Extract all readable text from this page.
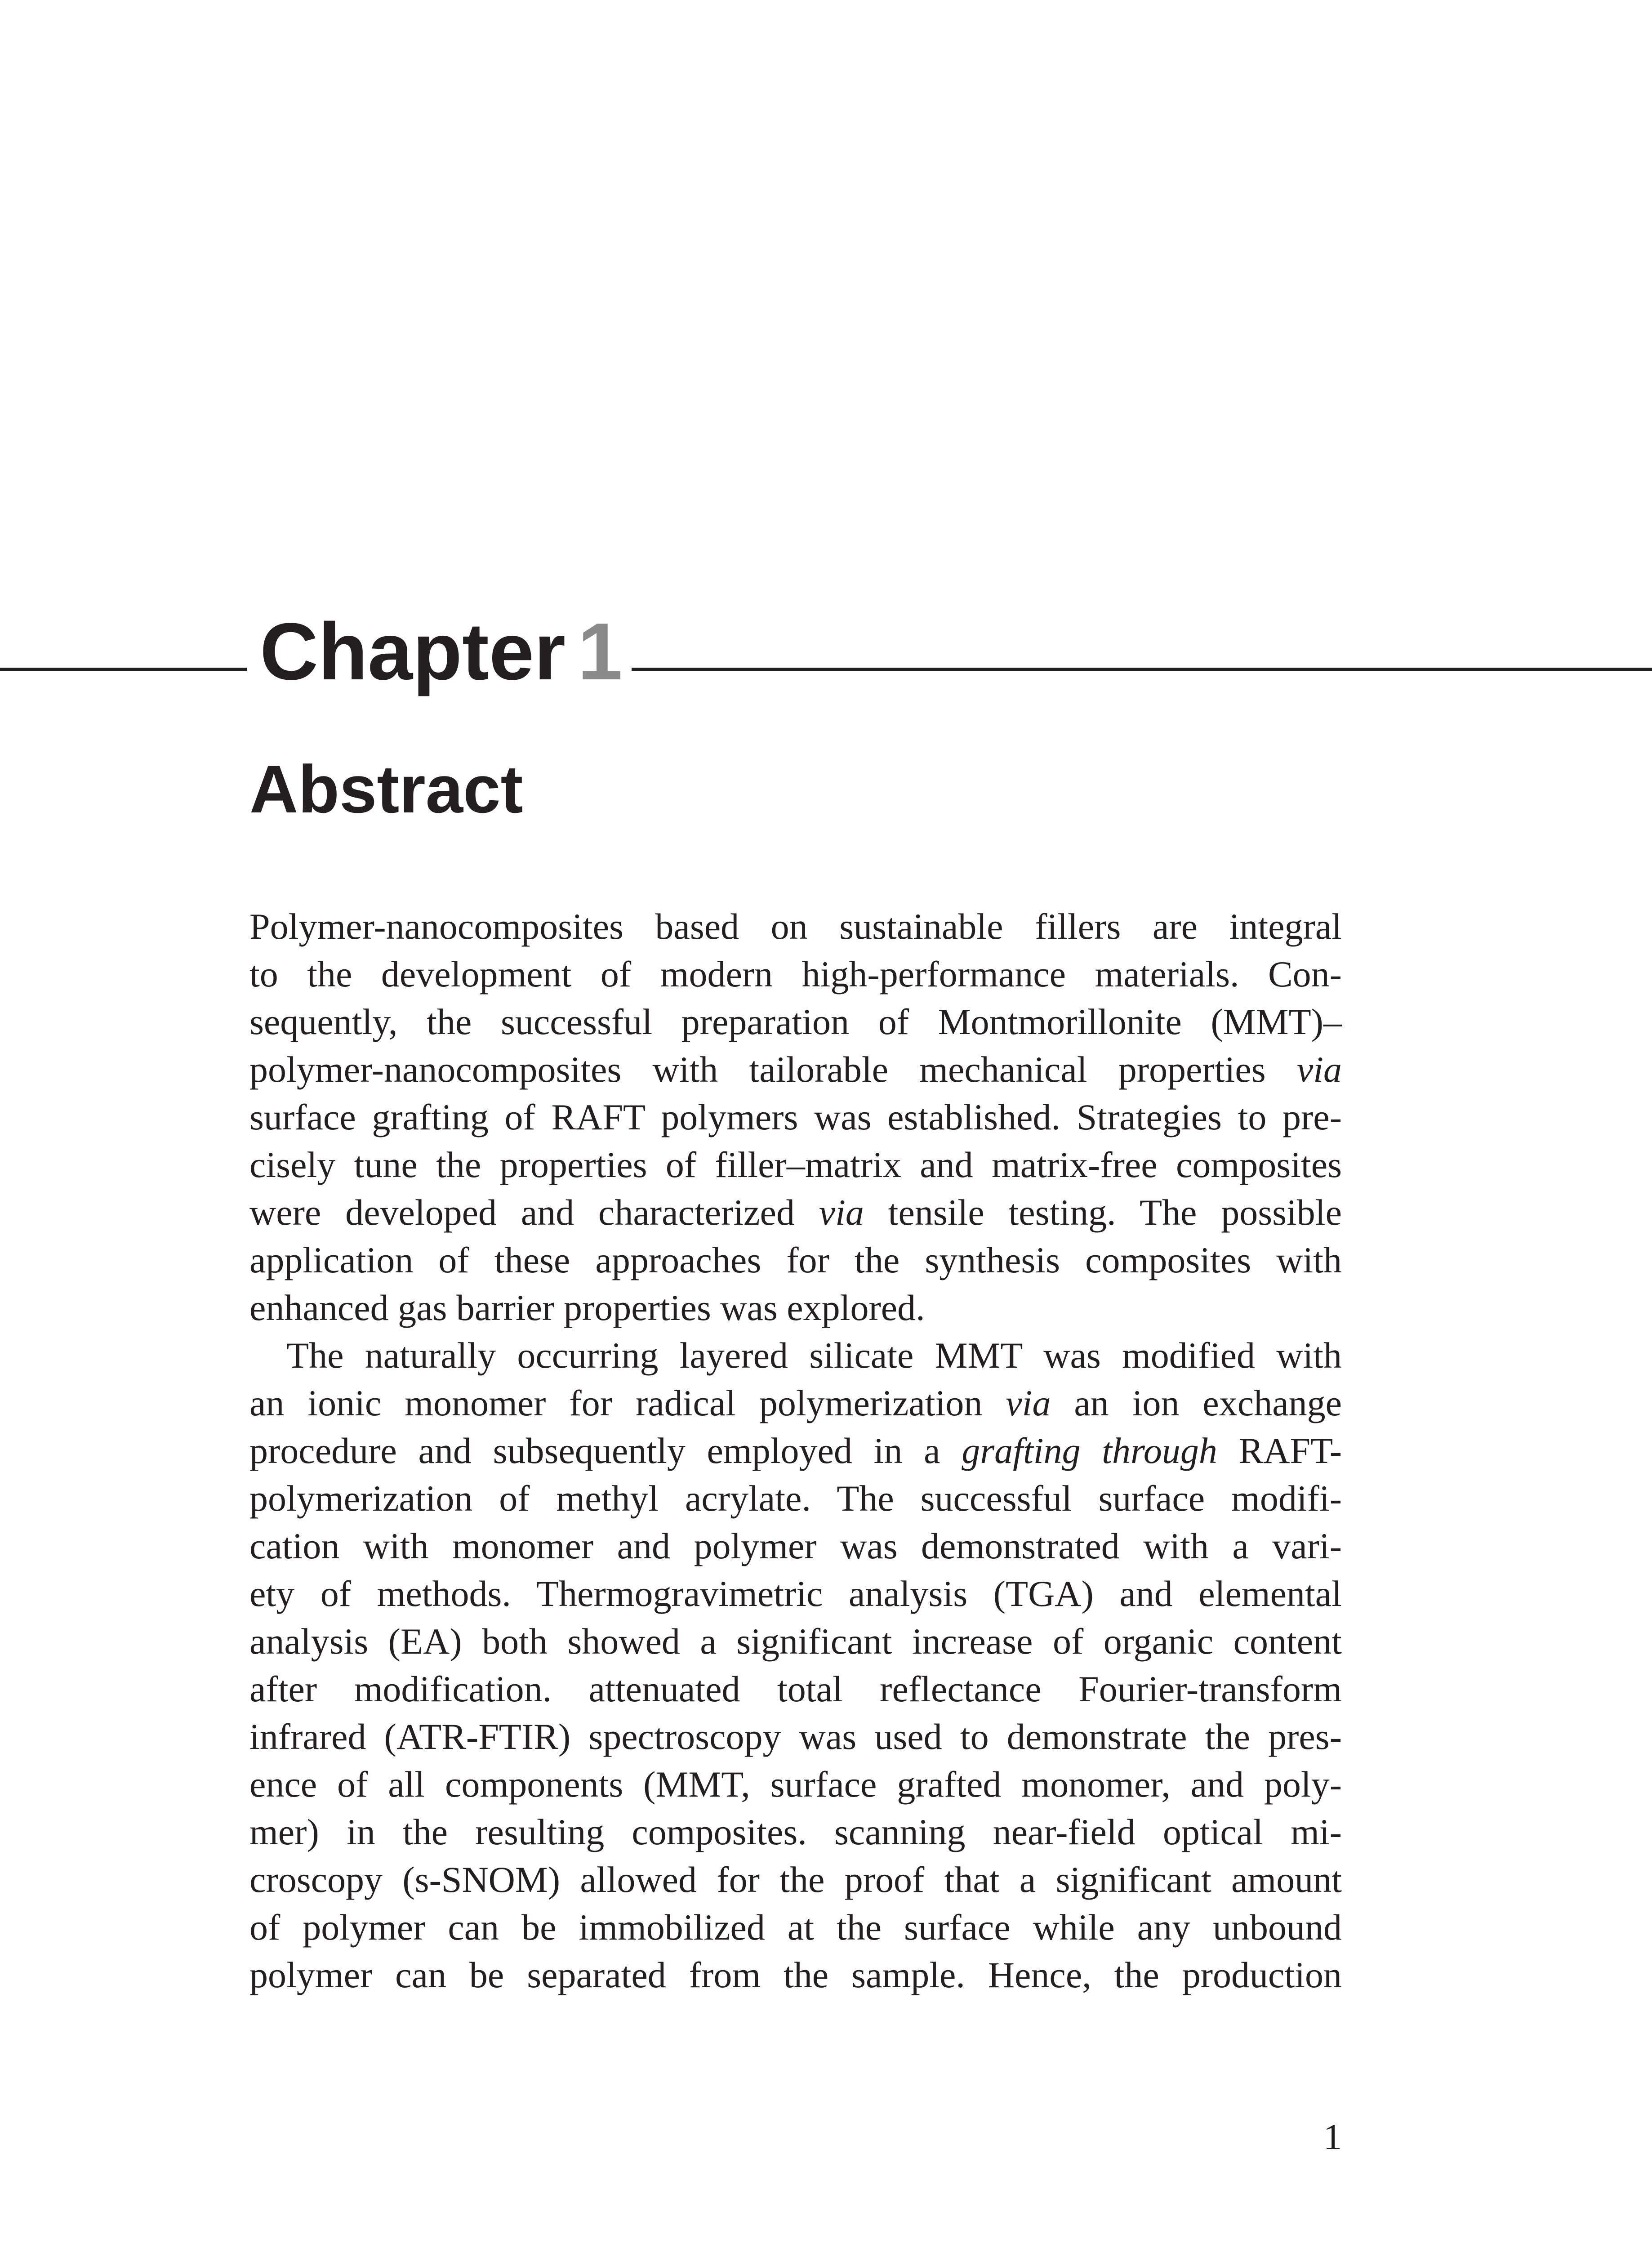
Chapter 1
Abstract
Polymer-nanocomposites based on sustainable fillers are integral
to the development of modern high-performance materials. Con-
sequently, the successful preparation of Montmorillonite (MMT)–
polymer-nanocomposites with tailorable mechanical properties via
surface grafting of RAFT polymers was established. Strategies to pre-
cisely tune the properties of filler–matrix and matrix-free composites
were developed and characterized via tensile testing. The possible
application of these approaches for the synthesis composites with
enhanced gas barrier properties was explored.
The naturally occurring layered silicate MMT was modified with
an ionic monomer for radical polymerization via an ion exchange
procedure and subsequently employed in a grafting through RAFT-
polymerization of methyl acrylate. The successful surface modifi-
cation with monomer and polymer was demonstrated with a vari-
ety of methods. Thermogravimetric analysis (TGA) and elemental
analysis (EA) both showed a significant increase of organic content
after modification. attenuated total reflectance Fourier-transform
infrared (ATR-FTIR) spectroscopy was used to demonstrate the pres-
ence of all components (MMT, surface grafted monomer, and poly-
mer) in the resulting composites. scanning near-field optical mi-
croscopy (s-SNOM) allowed for the proof that a significant amount
of polymer can be immobilized at the surface while any unbound
polymer can be separated from the sample. Hence, the production
1
